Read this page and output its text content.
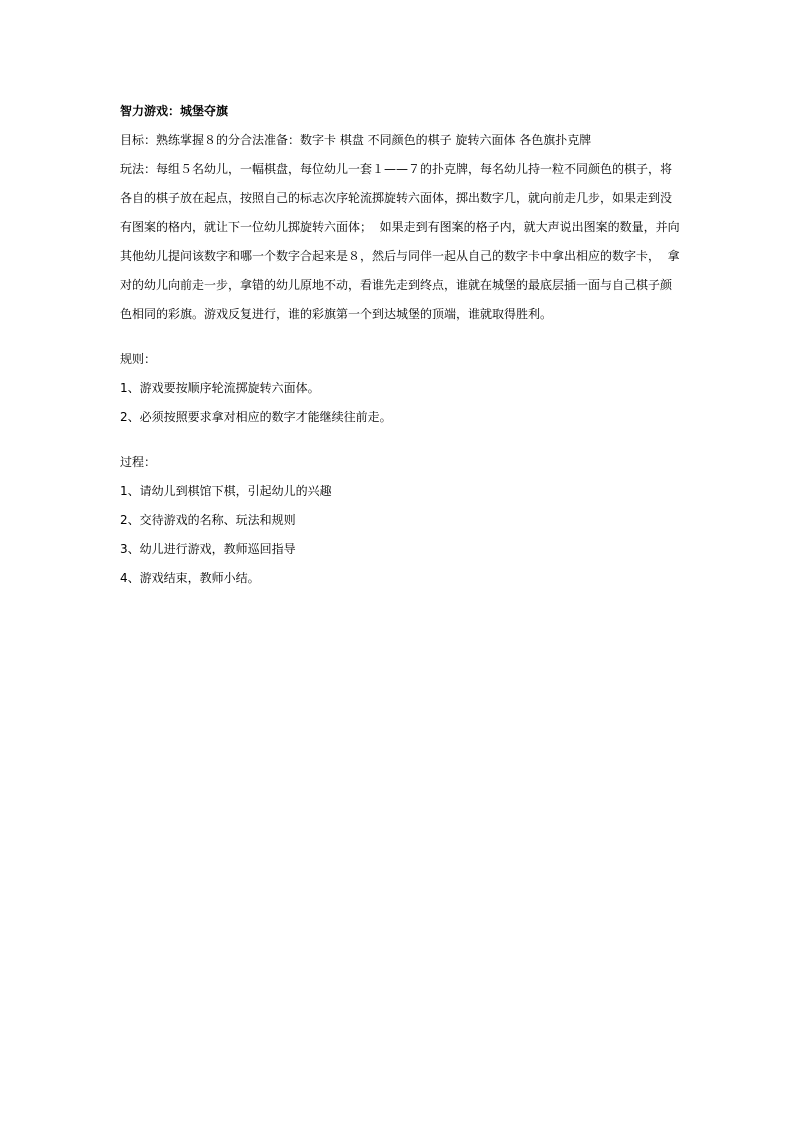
智力游戏：城堡夺旗
目标：熟练掌握８的分合法准备：数字卡 棋盘 不同颜色的棋子 旋转六面体 各色旗扑克牌
玩法：每组５名幼儿，一幅棋盘，每位幼儿一套１——７的扑克牌，每名幼儿持一粒不同颜色的棋子，将各自的棋子放在起点，按照自己的标志次序轮流掷旋转六面体，掷出数字几，就向前走几步，如果走到没有图案的格内，就让下一位幼儿掷旋转六面体；  如果走到有图案的格子内，就大声说出图案的数量，并向其他幼儿提问该数字和哪一个数字合起来是８，然后与同伴一起从自己的数字卡中拿出相应的数字卡，  拿对的幼儿向前走一步，拿错的幼儿原地不动，看谁先走到终点，谁就在城堡的最底层插一面与自己棋子颜色相同的彩旗。游戏反复进行，谁的彩旗第一个到达城堡的顶端，谁就取得胜利。
规则：
1、游戏要按顺序轮流掷旋转六面体。
2、必须按照要求拿对相应的数字才能继续往前走。
过程：
1、请幼儿到棋馆下棋，引起幼儿的兴趣
2、交待游戏的名称、玩法和规则
3、幼儿进行游戏，教师巡回指导
4、游戏结束，教师小结。
